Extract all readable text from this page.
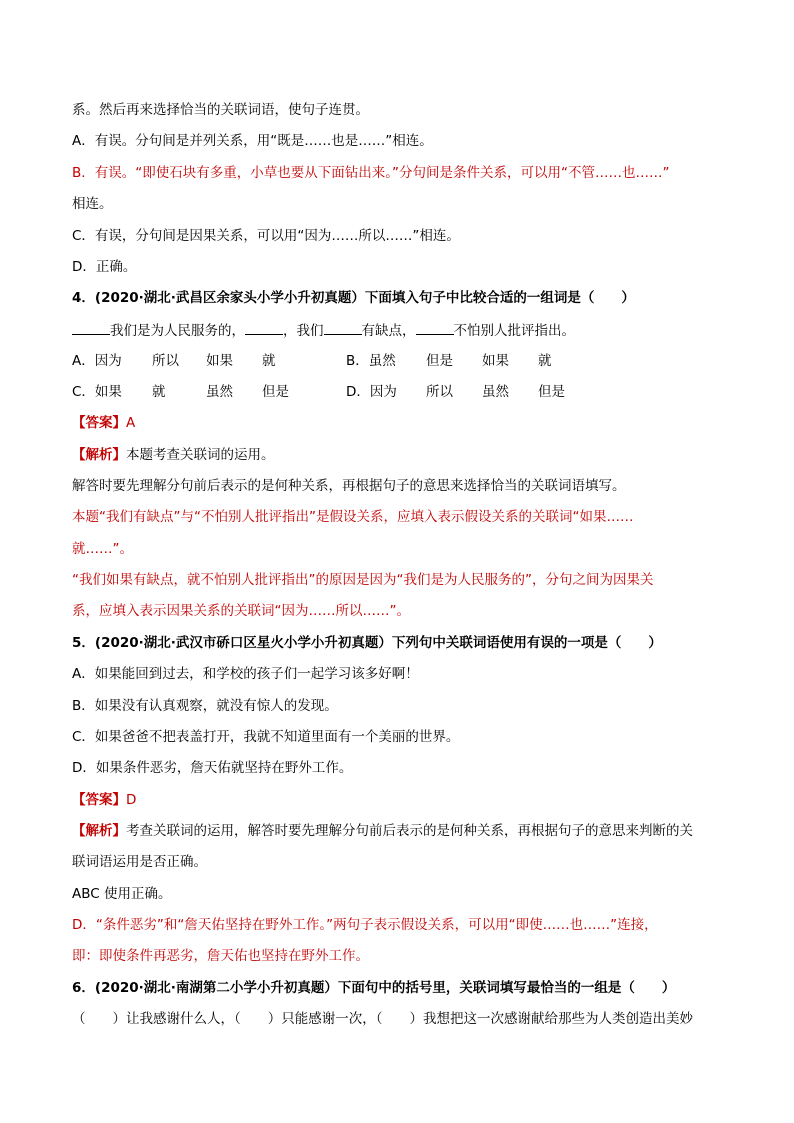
系。然后再来选择恰当的关联词语，使句子连贯。
A．有误。分句间是并列关系，用“既是……也是……”相连。
B．有误。“即使石块有多重，小草也要从下面钻出来。”分句间是条件关系，可以用“不管……也……”
相连。
C．有误，分句间是因果关系，可以用“因为……所以……”相连。
D．正确。
4．(2020·湖北·武昌区余家头小学小升初真题）下面填入句子中比较合适的一组词是（　　）
我们是为人民服务的，	，我们	有缺点，	不怕别人批评指出。
A．因为 所以 如果 就	B．虽然 但是 如果 就
C．如果 就	虽然 但是	D．因为 所以 虽然 但是
【答案】A
【解析】本题考查关联词的运用。
解答时要先理解分句前后表示的是何种关系，再根据句子的意思来选择恰当的关联词语填写。
本题“我们有缺点”与“不怕别人批评指出”是假设关系，应填入表示假设关系的关联词“如果……
就……”。
“我们如果有缺点，就不怕别人批评指出”的原因是因为“我们是为人民服务的”，分句之间为因果关
系，应填入表示因果关系的关联词“因为……所以……”。
5．(2020·湖北·武汉市硚口区星火小学小升初真题）下列句中关联词语使用有误的一项是（　　）
A．如果能回到过去，和学校的孩子们一起学习该多好啊！
B．如果没有认真观察，就没有惊人的发现。
C．如果爸爸不把表盖打开，我就不知道里面有一个美丽的世界。
D．如果条件恶劣，詹天佑就坚持在野外工作。
【答案】D
【解析】考查关联词的运用，解答时要先理解分句前后表示的是何种关系，再根据句子的意思来判断的关
联词语运用是否正确。
ABC 使用正确。
D．“条件恶劣”和“詹天佑坚持在野外工作。”两句子表示假设关系，可以用“即使……也……”连接，
即：即使条件再恶劣，詹天佑也坚持在野外工作。
6．(2020·湖北·南湖第二小学小升初真题）下面句中的括号里，关联词填写最恰当的一组是（　　）
（　　）让我感谢什么人，（　　）只能感谢一次，（　　）我想把这一次感谢献给那些为人类创造出美妙
